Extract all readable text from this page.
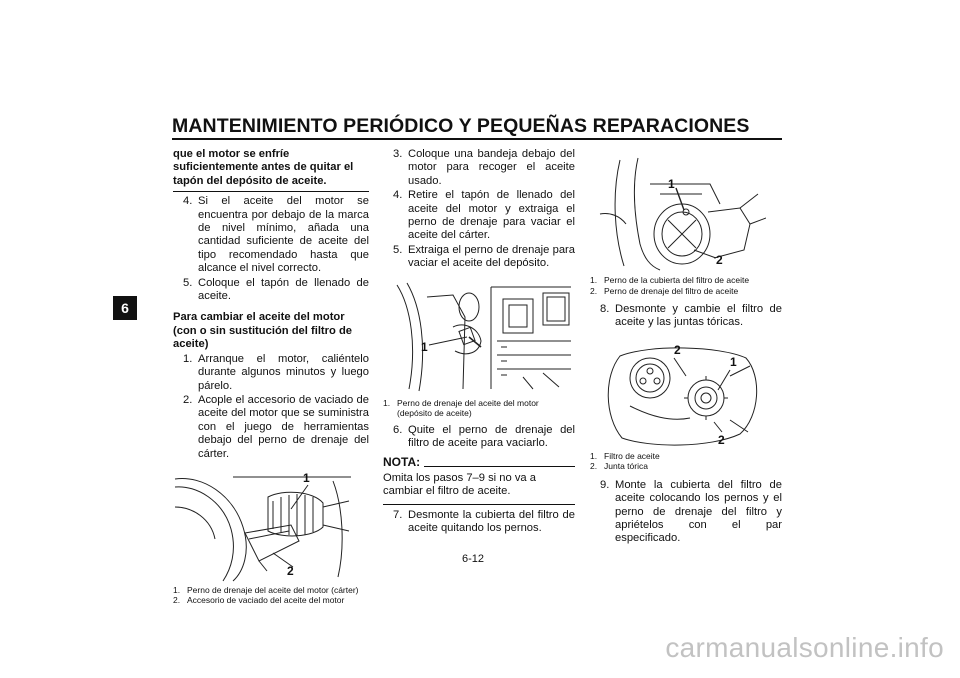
MANTENIMIENTO PERIÓDICO Y PEQUEÑAS REPARACIONES
6

que el motor se enfríe suficientemente antes de quitar el tapón del depósito de aceite.

4. Si el aceite del motor se encuentra por debajo de la marca de nivel mínimo, añada una cantidad suficiente de aceite del tipo recomendado hasta que alcance el nivel correcto.
5. Coloque el tapón de llenado de aceite.

Para cambiar el aceite del motor (con o sin sustitución del filtro de aceite)

1. Arranque el motor, caliéntelo durante algunos minutos y luego párelo.
2. Acople el accesorio de vaciado de aceite del motor que se suministra con el juego de herramientas debajo del perno de drenaje del cárter.
1
2

1. Perno de drenaje del aceite del motor (cárter)

2. Accesorio de vaciado del aceite del motor

3. Coloque una bandeja debajo del motor para recoger el aceite usado.
4. Retire el tapón de llenado del aceite del motor y extraiga el perno de drenaje para vaciar el aceite del cárter.
5. Extraiga el perno de drenaje para vaciar el aceite del depósito.
1

1. Perno de drenaje del aceite del motor (depósito de aceite)

6. Quite el perno de drenaje del filtro de aceite para vaciarlo.
NOTA:

Omita los pasos 7–9 si no va a cambiar el filtro de aceite.

7. Desmonte la cubierta del filtro de aceite quitando los pernos.
1
2

1. Perno de la cubierta del filtro de aceite

2. Perno de drenaje del filtro de aceite

8. Desmonte y cambie el filtro de aceite y las juntas tóricas.
2
1
2

1. Filtro de aceite

2. Junta tórica

9. Monte la cubierta del filtro de aceite colocando los pernos y el perno de drenaje del filtro y apriételos con el par especificado.
6-12
carmanualsonline.info
